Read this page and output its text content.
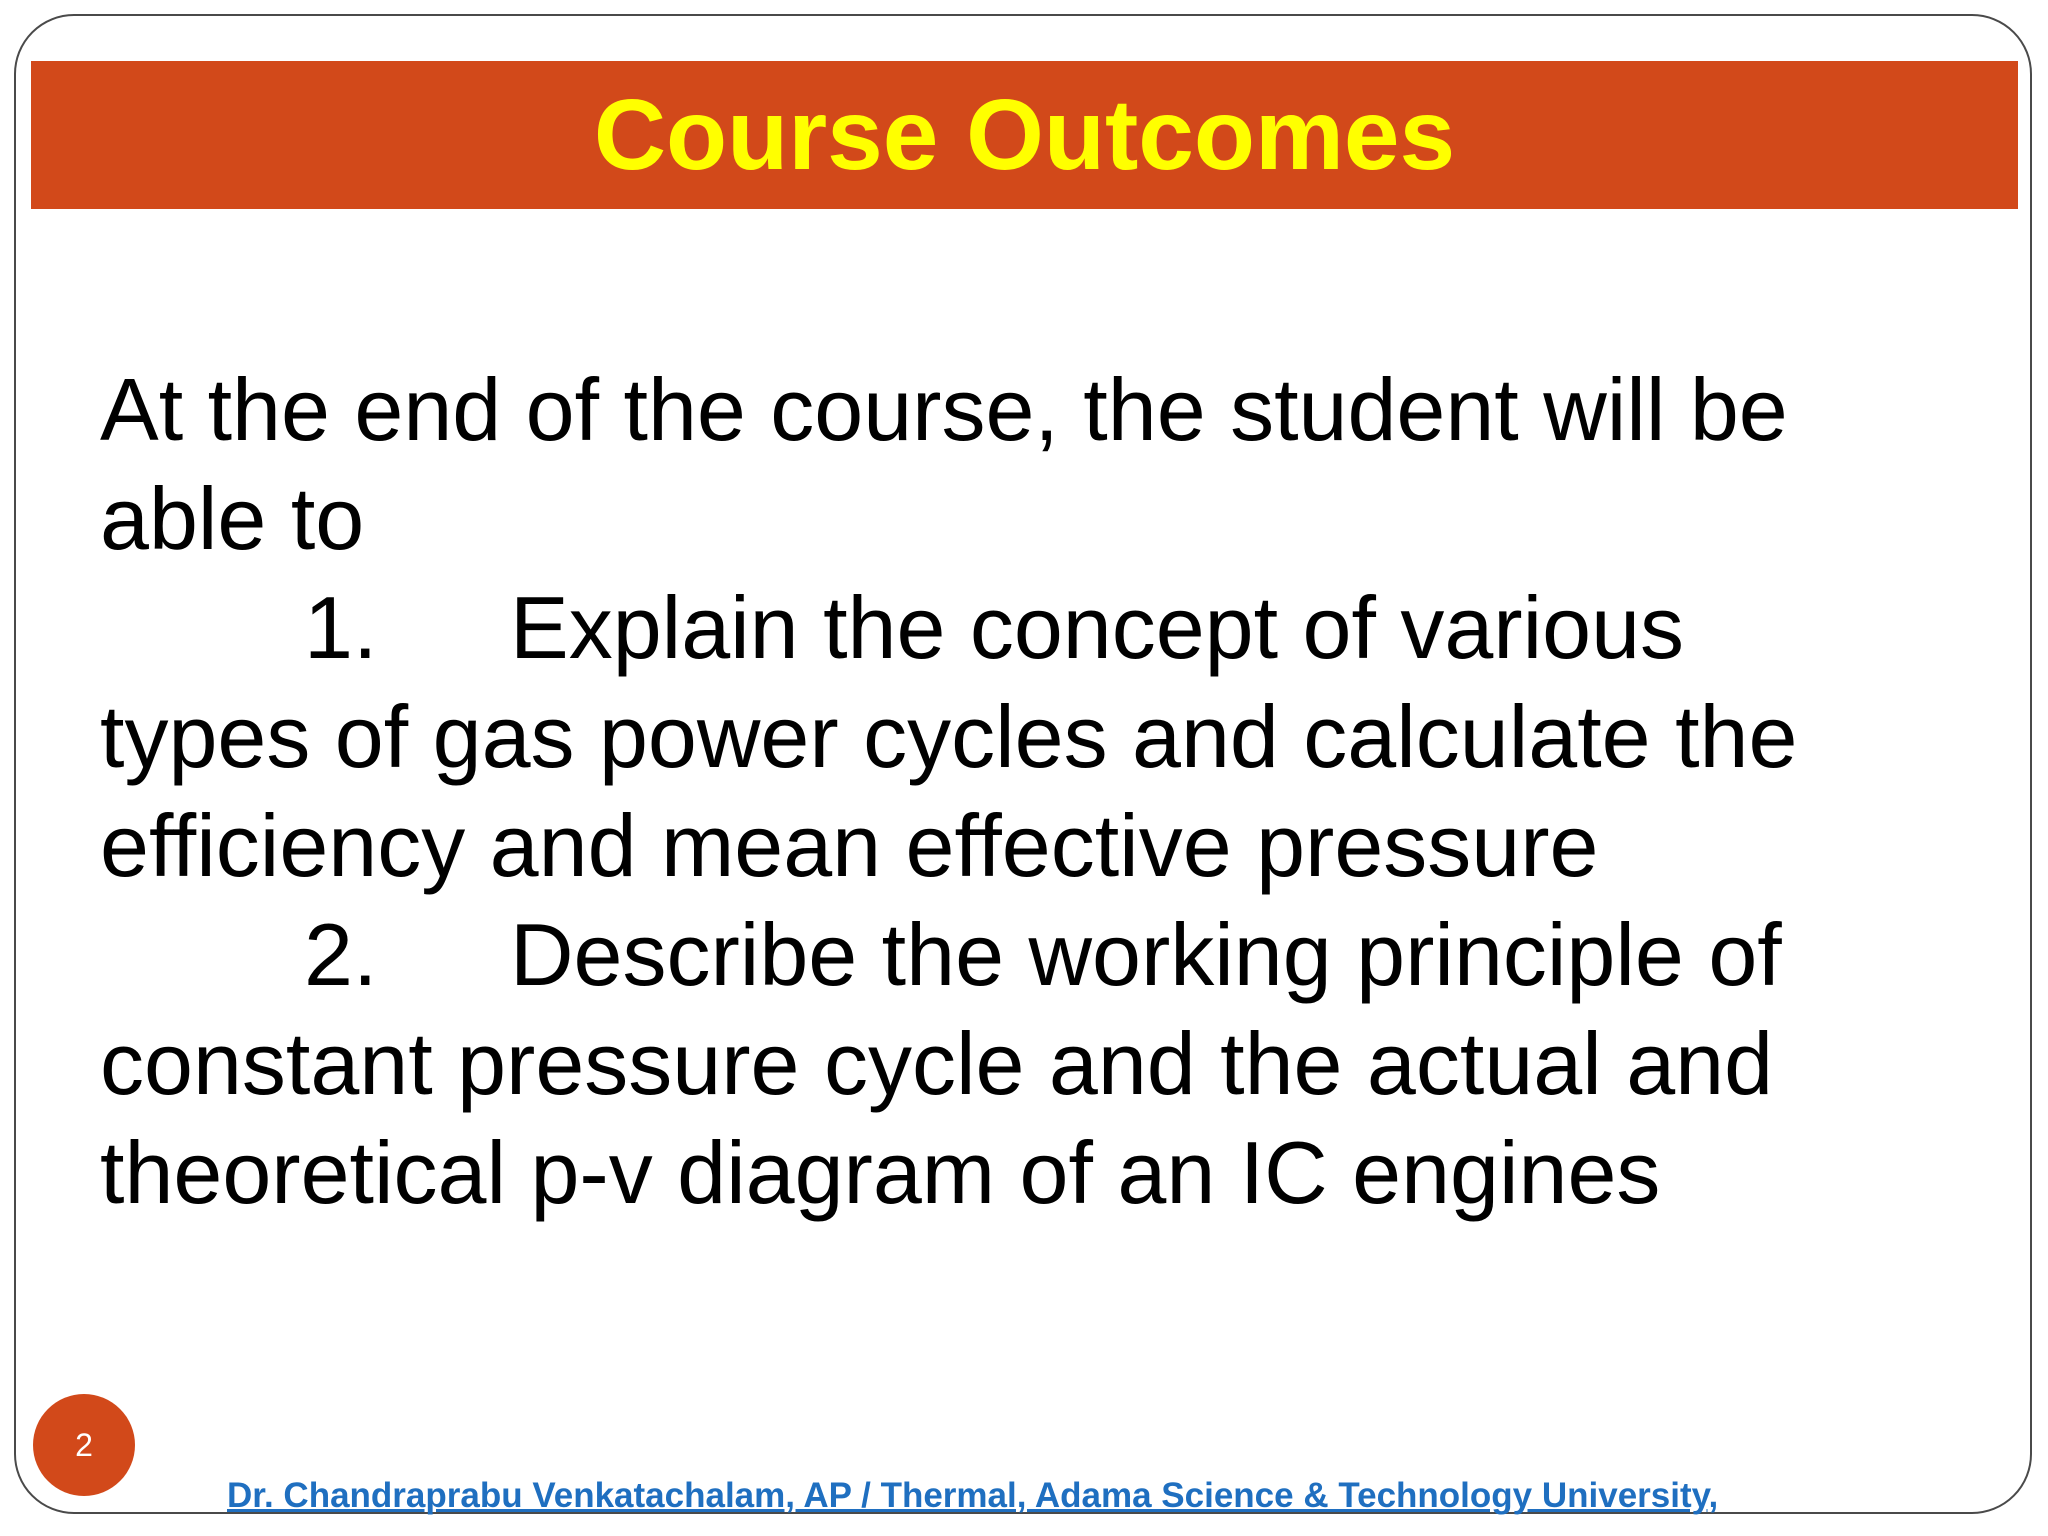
Course Outcomes
At the end of the course, the student will be
able to
1. Explain the concept of various
types of gas power cycles and calculate the
efficiency and mean effective pressure
2. Describe the working principle of
constant pressure cycle and the actual and
theoretical p-v diagram of an IC engines
2
Dr. Chandraprabu Venkatachalam, AP / Thermal, Adama Science & Technology University,
